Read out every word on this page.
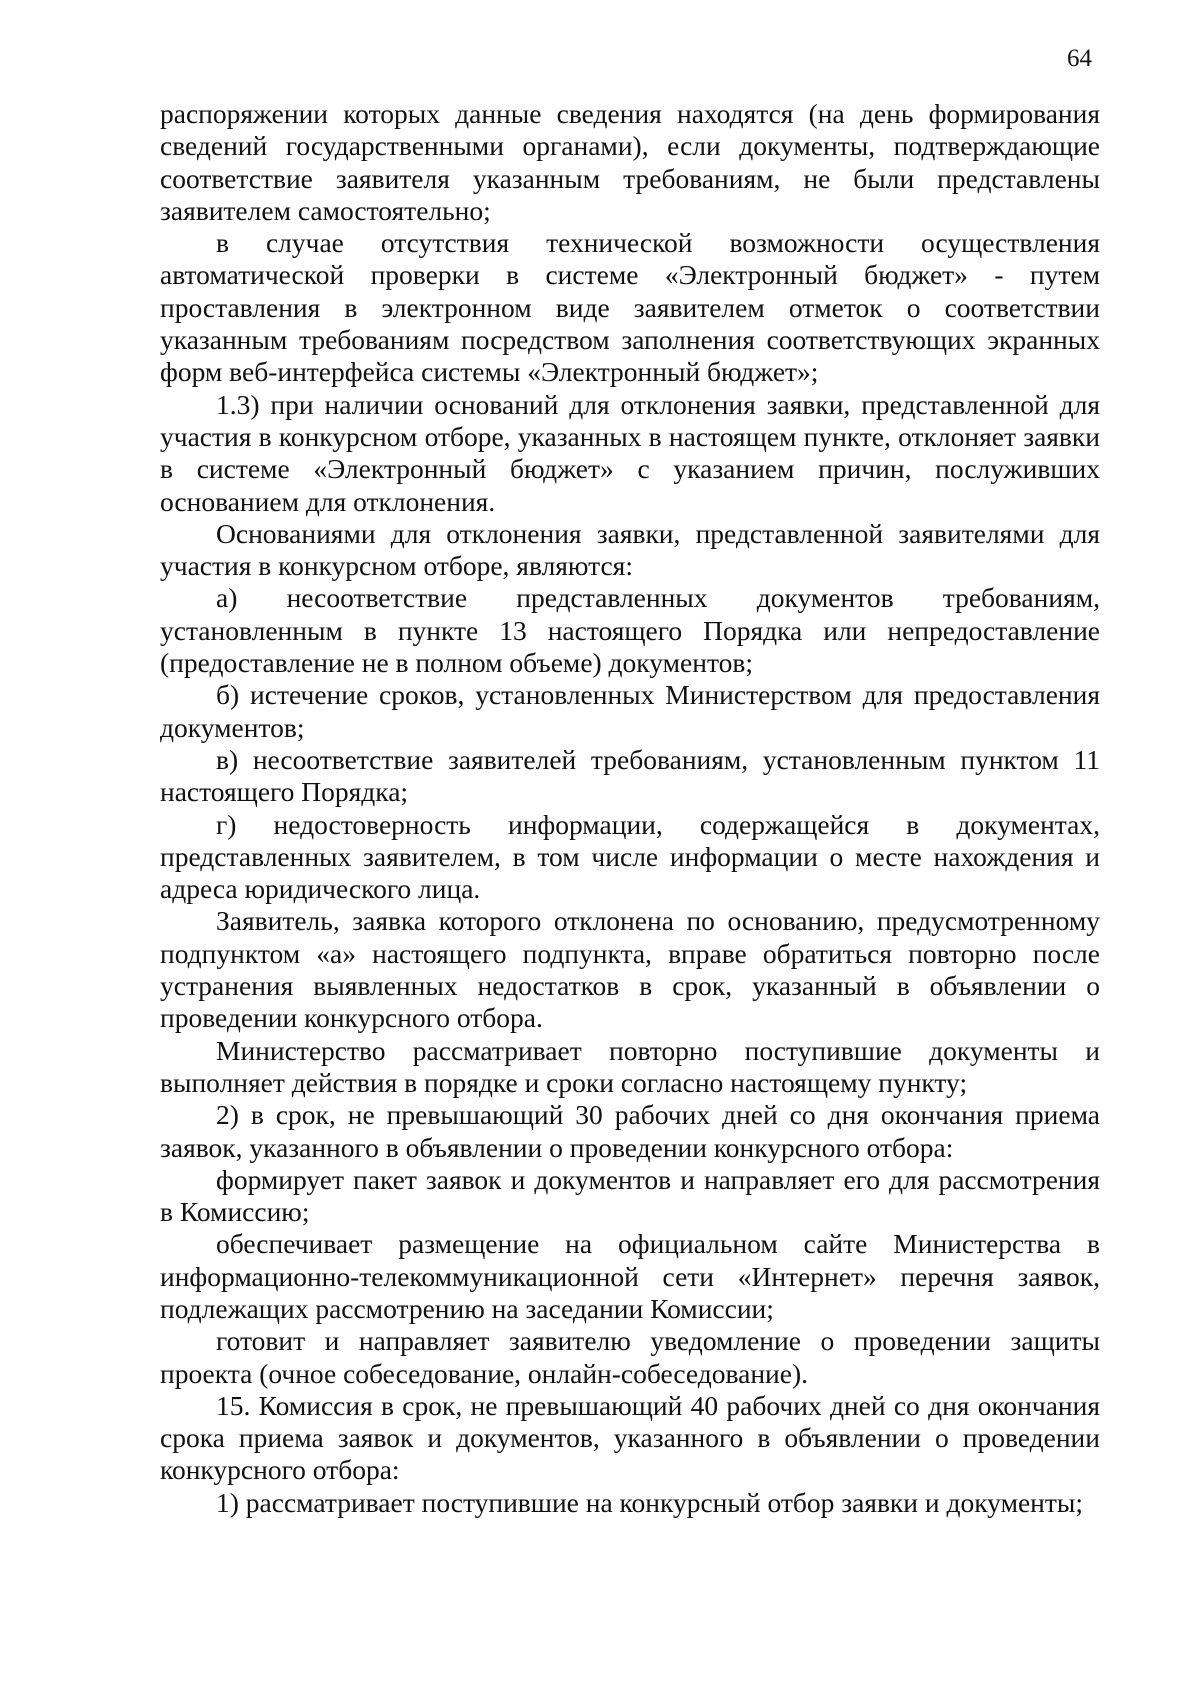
64

распоряжении которых данные сведения находятся (на день формирования сведений государственными органами), если документы, подтверждающие соответствие заявителя указанным требованиям, не были представлены заявителем самостоятельно;

в случае отсутствия технической возможности осуществления автоматической проверки в системе «Электронный бюджет» - путем проставления в электронном виде заявителем отметок о соответствии указанным требованиям посредством заполнения соответствующих экранных форм веб-интерфейса системы «Электронный бюджет»;

1.3) при наличии оснований для отклонения заявки, представленной для участия в конкурсном отборе, указанных в настоящем пункте, отклоняет заявки в системе «Электронный бюджет» с указанием причин, послуживших основанием для отклонения.

Основаниями для отклонения заявки, представленной заявителями для участия в конкурсном отборе, являются:

а) несоответствие представленных документов требованиям, установленным в пункте 13 настоящего Порядка или непредоставление (предоставление не в полном объеме) документов;

б) истечение сроков, установленных Министерством для предоставления документов;

в) несоответствие заявителей требованиям, установленным пунктом 11 настоящего Порядка;

г) недостоверность информации, содержащейся в документах, представленных заявителем, в том числе информации о месте нахождения и адреса юридического лица.

Заявитель, заявка которого отклонена по основанию, предусмотренному подпунктом «а» настоящего подпункта, вправе обратиться повторно после устранения выявленных недостатков в срок, указанный в объявлении о проведении конкурсного отбора.

Министерство рассматривает повторно поступившие документы и выполняет действия в порядке и сроки согласно настоящему пункту;

2) в срок, не превышающий 30 рабочих дней со дня окончания приема заявок, указанного в объявлении о проведении конкурсного отбора:

формирует пакет заявок и документов и направляет его для рассмотрения в Комиссию;

обеспечивает размещение на официальном сайте Министерства в информационно-телекоммуникационной сети «Интернет» перечня заявок, подлежащих рассмотрению на заседании Комиссии;

готовит и направляет заявителю уведомление о проведении защиты проекта (очное собеседование, онлайн-собеседование).

15. Комиссия в срок, не превышающий 40 рабочих дней со дня окончания срока приема заявок и документов, указанного в объявлении о проведении конкурсного отбора:

1) рассматривает поступившие на конкурсный отбор заявки и документы;
